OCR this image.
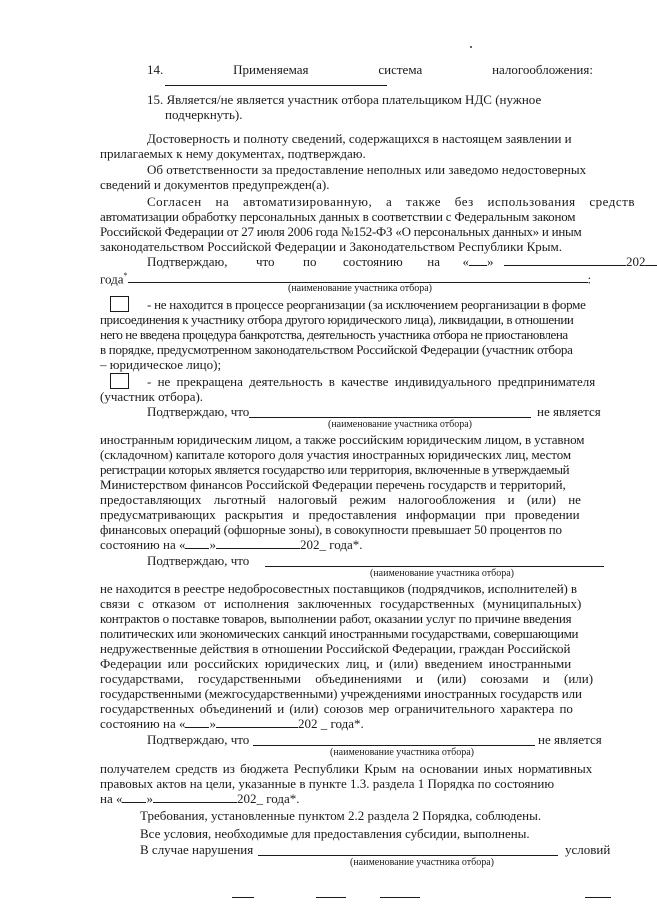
14.	Применяемая	система	налогообложения:
15. Является/не является участник отбора плательщиком НДС (нужное
подчеркнуть).
Достоверность и полноту сведений, содержащихся в настоящем заявлении и
прилагаемых к нему документах, подтверждаю.
Об ответственности за предоставление неполных или заведомо недостоверных
сведений и документов предупрежден(а).
Согласен на автоматизированную, а также без использования средств
автоматизации обработку персональных данных в соответствии с Федеральным законом
Российской Федерации от 27 июля 2006 года №152-ФЗ «О персональных данных» и иным
законодательством Российской Федерации и Законодательством Республики Крым.
Подтверждаю, что по состоянию на « »	202
года*	:
(наименование участника отбора)
- не находится в процессе реорганизации (за исключением реорганизации в форме
присоединения к участнику отбора другого юридического лица), ликвидации, в отношении
него не введена процедура банкротства, деятельность участника отбора не приостановлена
в порядке, предусмотренном законодательством Российской Федерации (участник отбора
– юридическое лицо);
- не прекращена деятельность в качестве индивидуального предпринимателя
(участник отбора).
Подтверждаю, что	не является
(наименование участника отбора)
иностранным юридическим лицом, а также российским юридическим лицом, в уставном
(складочном) капитале которого доля участия иностранных юридических лиц, местом
регистрации которых является государство или территория, включенные в утверждаемый
Министерством финансов Российской Федерации перечень государств и территорий,
предоставляющих льготный налоговый режим налогообложения и (или) не
предусматривающих раскрытия и предоставления информации при проведении
финансовых операций (офшорные зоны), в совокупности превышает 50 процентов по
состоянию на « »	202_ года*.
Подтверждаю, что
(наименование участника отбора)
не находится в реестре недобросовестных поставщиков (подрядчиков, исполнителей) в
связи с отказом от исполнения заключенных государственных (муниципальных)
контрактов о поставке товаров, выполнении работ, оказании услуг по причине введения
политических или экономических санкций иностранными государствами, совершающими
недружественные действия в отношении Российской Федерации, граждан Российской
Федерации или российских юридических лиц, и (или) введением иностранными
государствами, государственными объединениями и (или) союзами и (или)
государственными (межгосударственными) учреждениями иностранных государств или
государственных объединений и (или) союзов мер ограничительного характера по
состоянию на « »	202 _ года*.
Подтверждаю, что	не является
(наименование участника отбора)
получателем средств из бюджета Республики Крым на основании иных нормативных
правовых актов на цели, указанные в пункте 1.3. раздела 1 Порядка по состоянию
на « »	202_ года*.
Требования, установленные пунктом 2.2 раздела 2 Порядка, соблюдены.
Все условия, необходимые для предоставления субсидии, выполнены.
В случае нарушения	условий
(наименование участника отбора)
